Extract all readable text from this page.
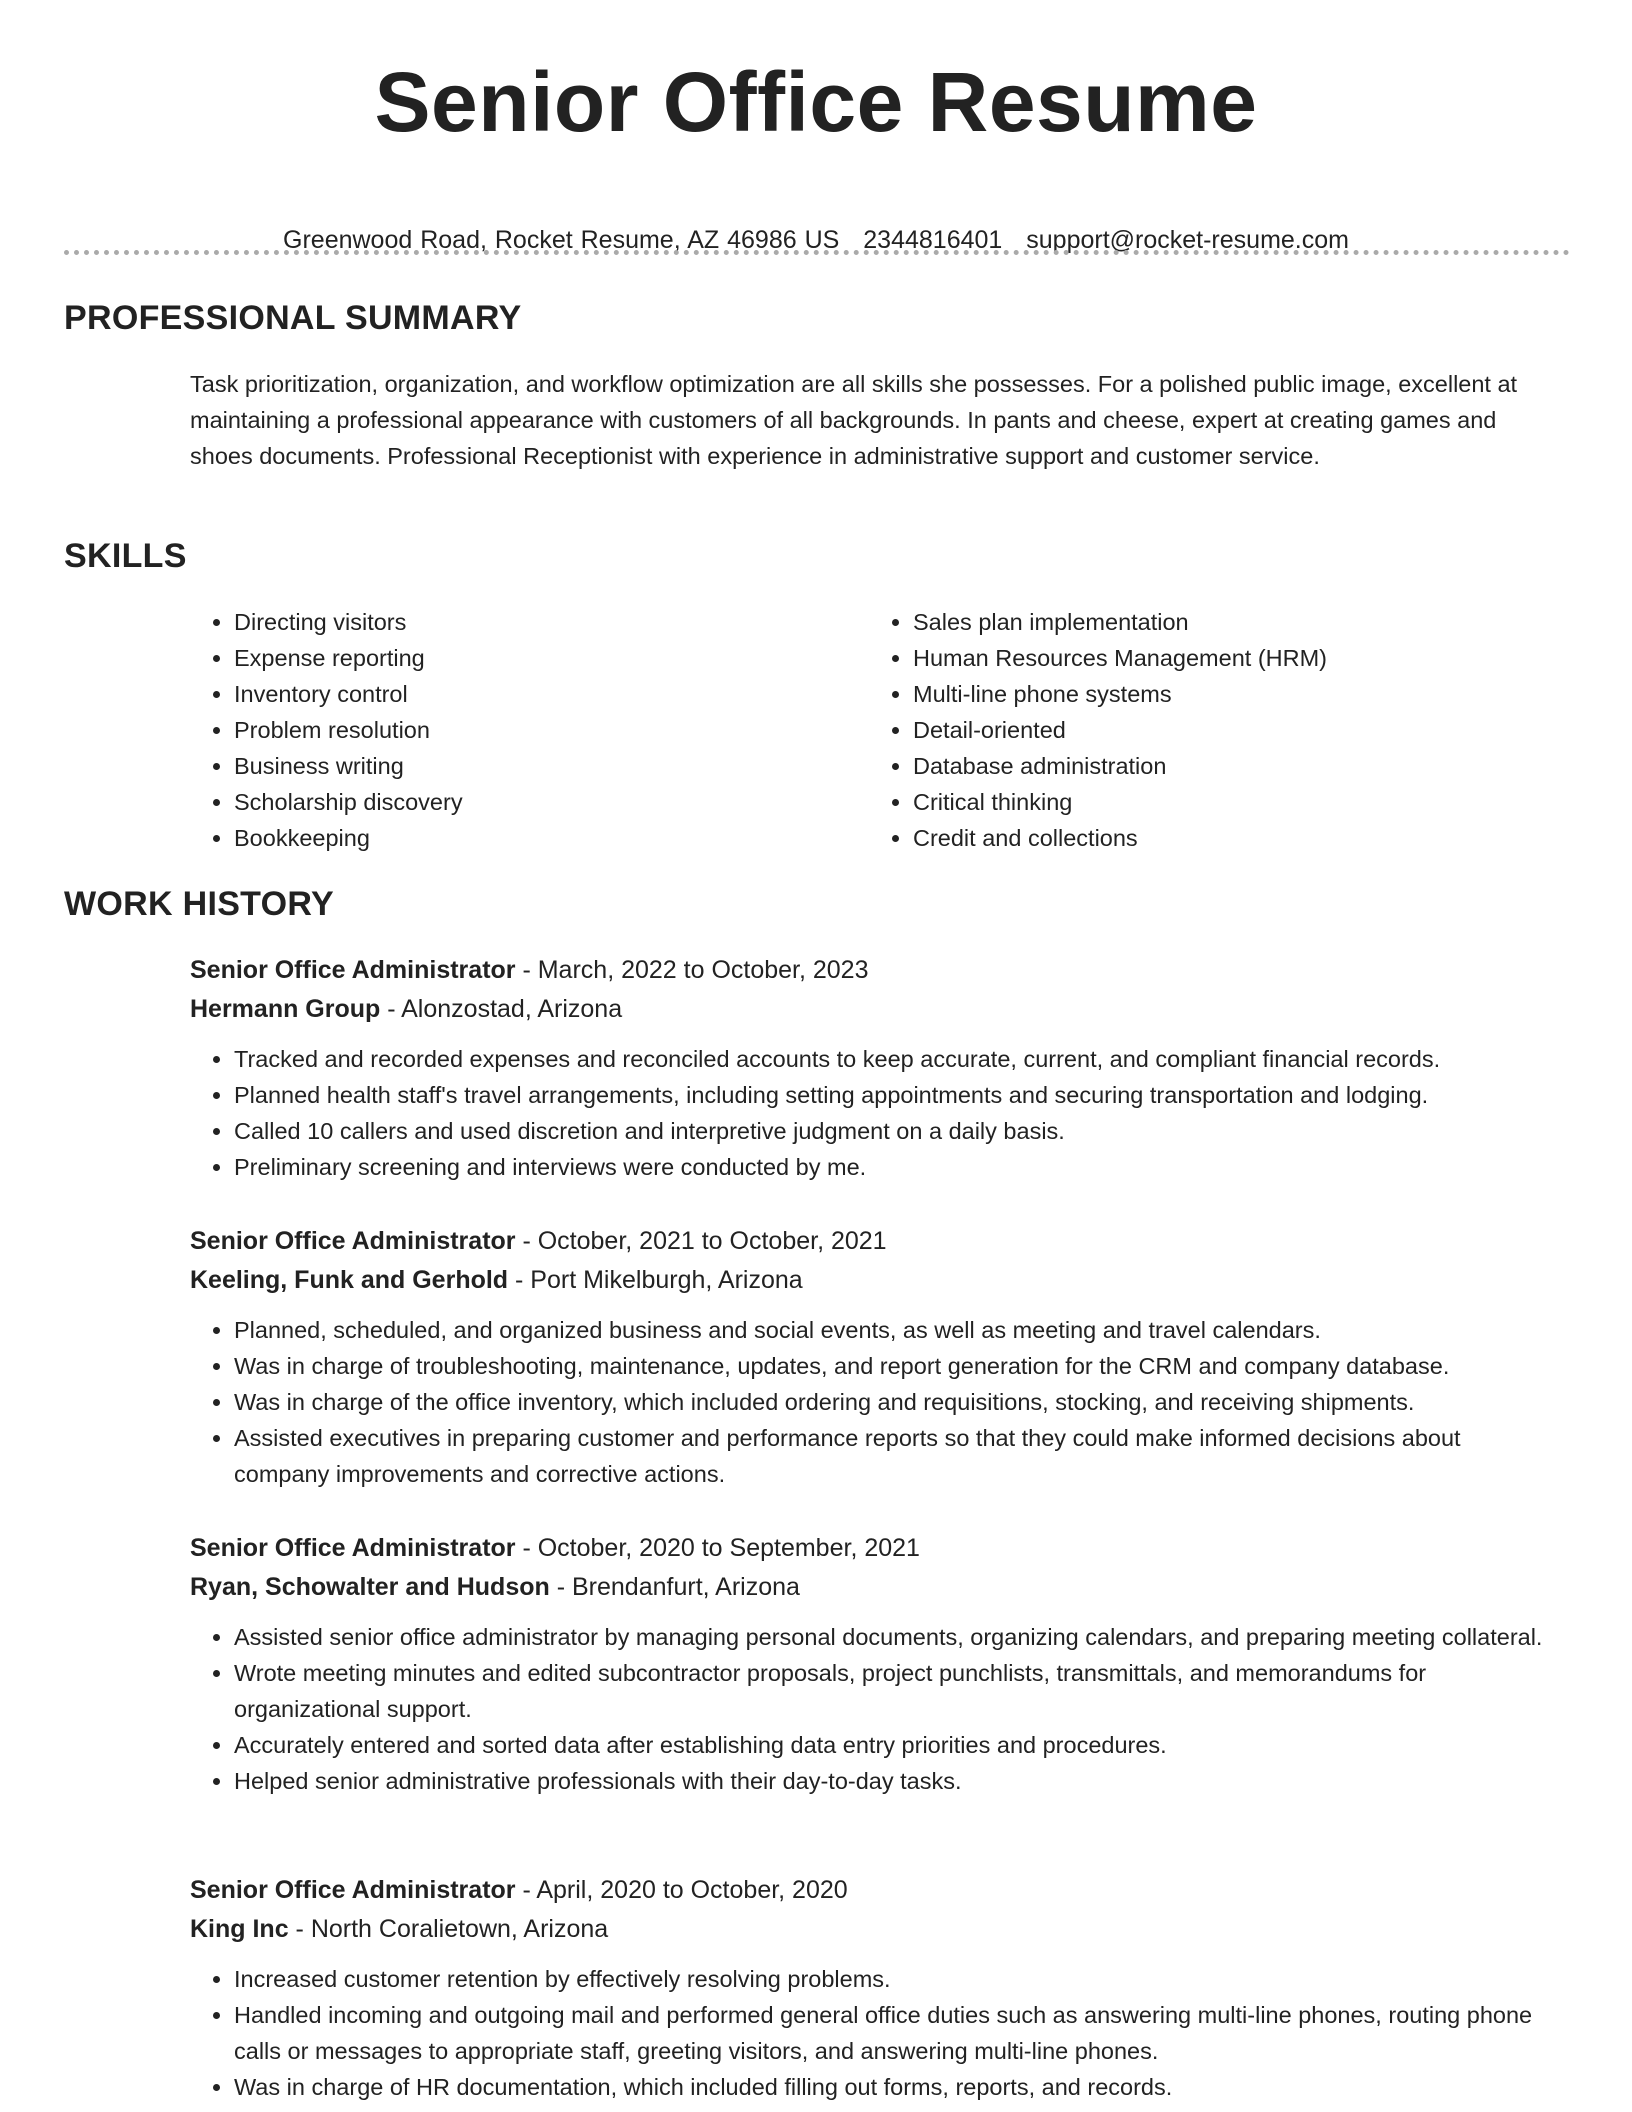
Senior Office Resume
Greenwood Road, Rocket Resume, AZ 46986 US 2344816401 support@rocket-resume.com
PROFESSIONAL SUMMARY

Task prioritization, organization, and workflow optimization are all skills she possesses. For a polished public image, excellent at maintaining a professional appearance with customers of all backgrounds. In pants and cheese, expert at creating games and shoes documents. Professional Receptionist with experience in administrative support and customer service.

SKILLS
• Directing visitors
• Expense reporting
• Inventory control
• Problem resolution
• Business writing
• Scholarship discovery
• Bookkeeping
• Sales plan implementation
• Human Resources Management (HRM)
• Multi-line phone systems
• Detail-oriented
• Database administration
• Critical thinking
• Credit and collections
WORK HISTORY

Senior Office Administrator - March, 2022 to October, 2023

Hermann Group - Alonzostad, Arizona

• Tracked and recorded expenses and reconciled accounts to keep accurate, current, and compliant financial records.
• Planned health staff's travel arrangements, including setting appointments and securing transportation and lodging.
• Called 10 callers and used discretion and interpretive judgment on a daily basis.
• Preliminary screening and interviews were conducted by me.

Senior Office Administrator - October, 2021 to October, 2021

Keeling, Funk and Gerhold - Port Mikelburgh, Arizona

• Planned, scheduled, and organized business and social events, as well as meeting and travel calendars.
• Was in charge of troubleshooting, maintenance, updates, and report generation for the CRM and company database.
• Was in charge of the office inventory, which included ordering and requisitions, stocking, and receiving shipments.
• Assisted executives in preparing customer and performance reports so that they could make informed decisions about company improvements and corrective actions.

Senior Office Administrator - October, 2020 to September, 2021

Ryan, Schowalter and Hudson - Brendanfurt, Arizona

• Assisted senior office administrator by managing personal documents, organizing calendars, and preparing meeting collateral.
• Wrote meeting minutes and edited subcontractor proposals, project punchlists, transmittals, and memorandums for organizational support.
• Accurately entered and sorted data after establishing data entry priorities and procedures.
• Helped senior administrative professionals with their day-to-day tasks.

Senior Office Administrator - April, 2020 to October, 2020

King Inc - North Coralietown, Arizona

• Increased customer retention by effectively resolving problems.
• Handled incoming and outgoing mail and performed general office duties such as answering multi-line phones, routing phone calls or messages to appropriate staff, greeting visitors, and answering multi-line phones.
• Was in charge of HR documentation, which included filling out forms, reports, and records.
